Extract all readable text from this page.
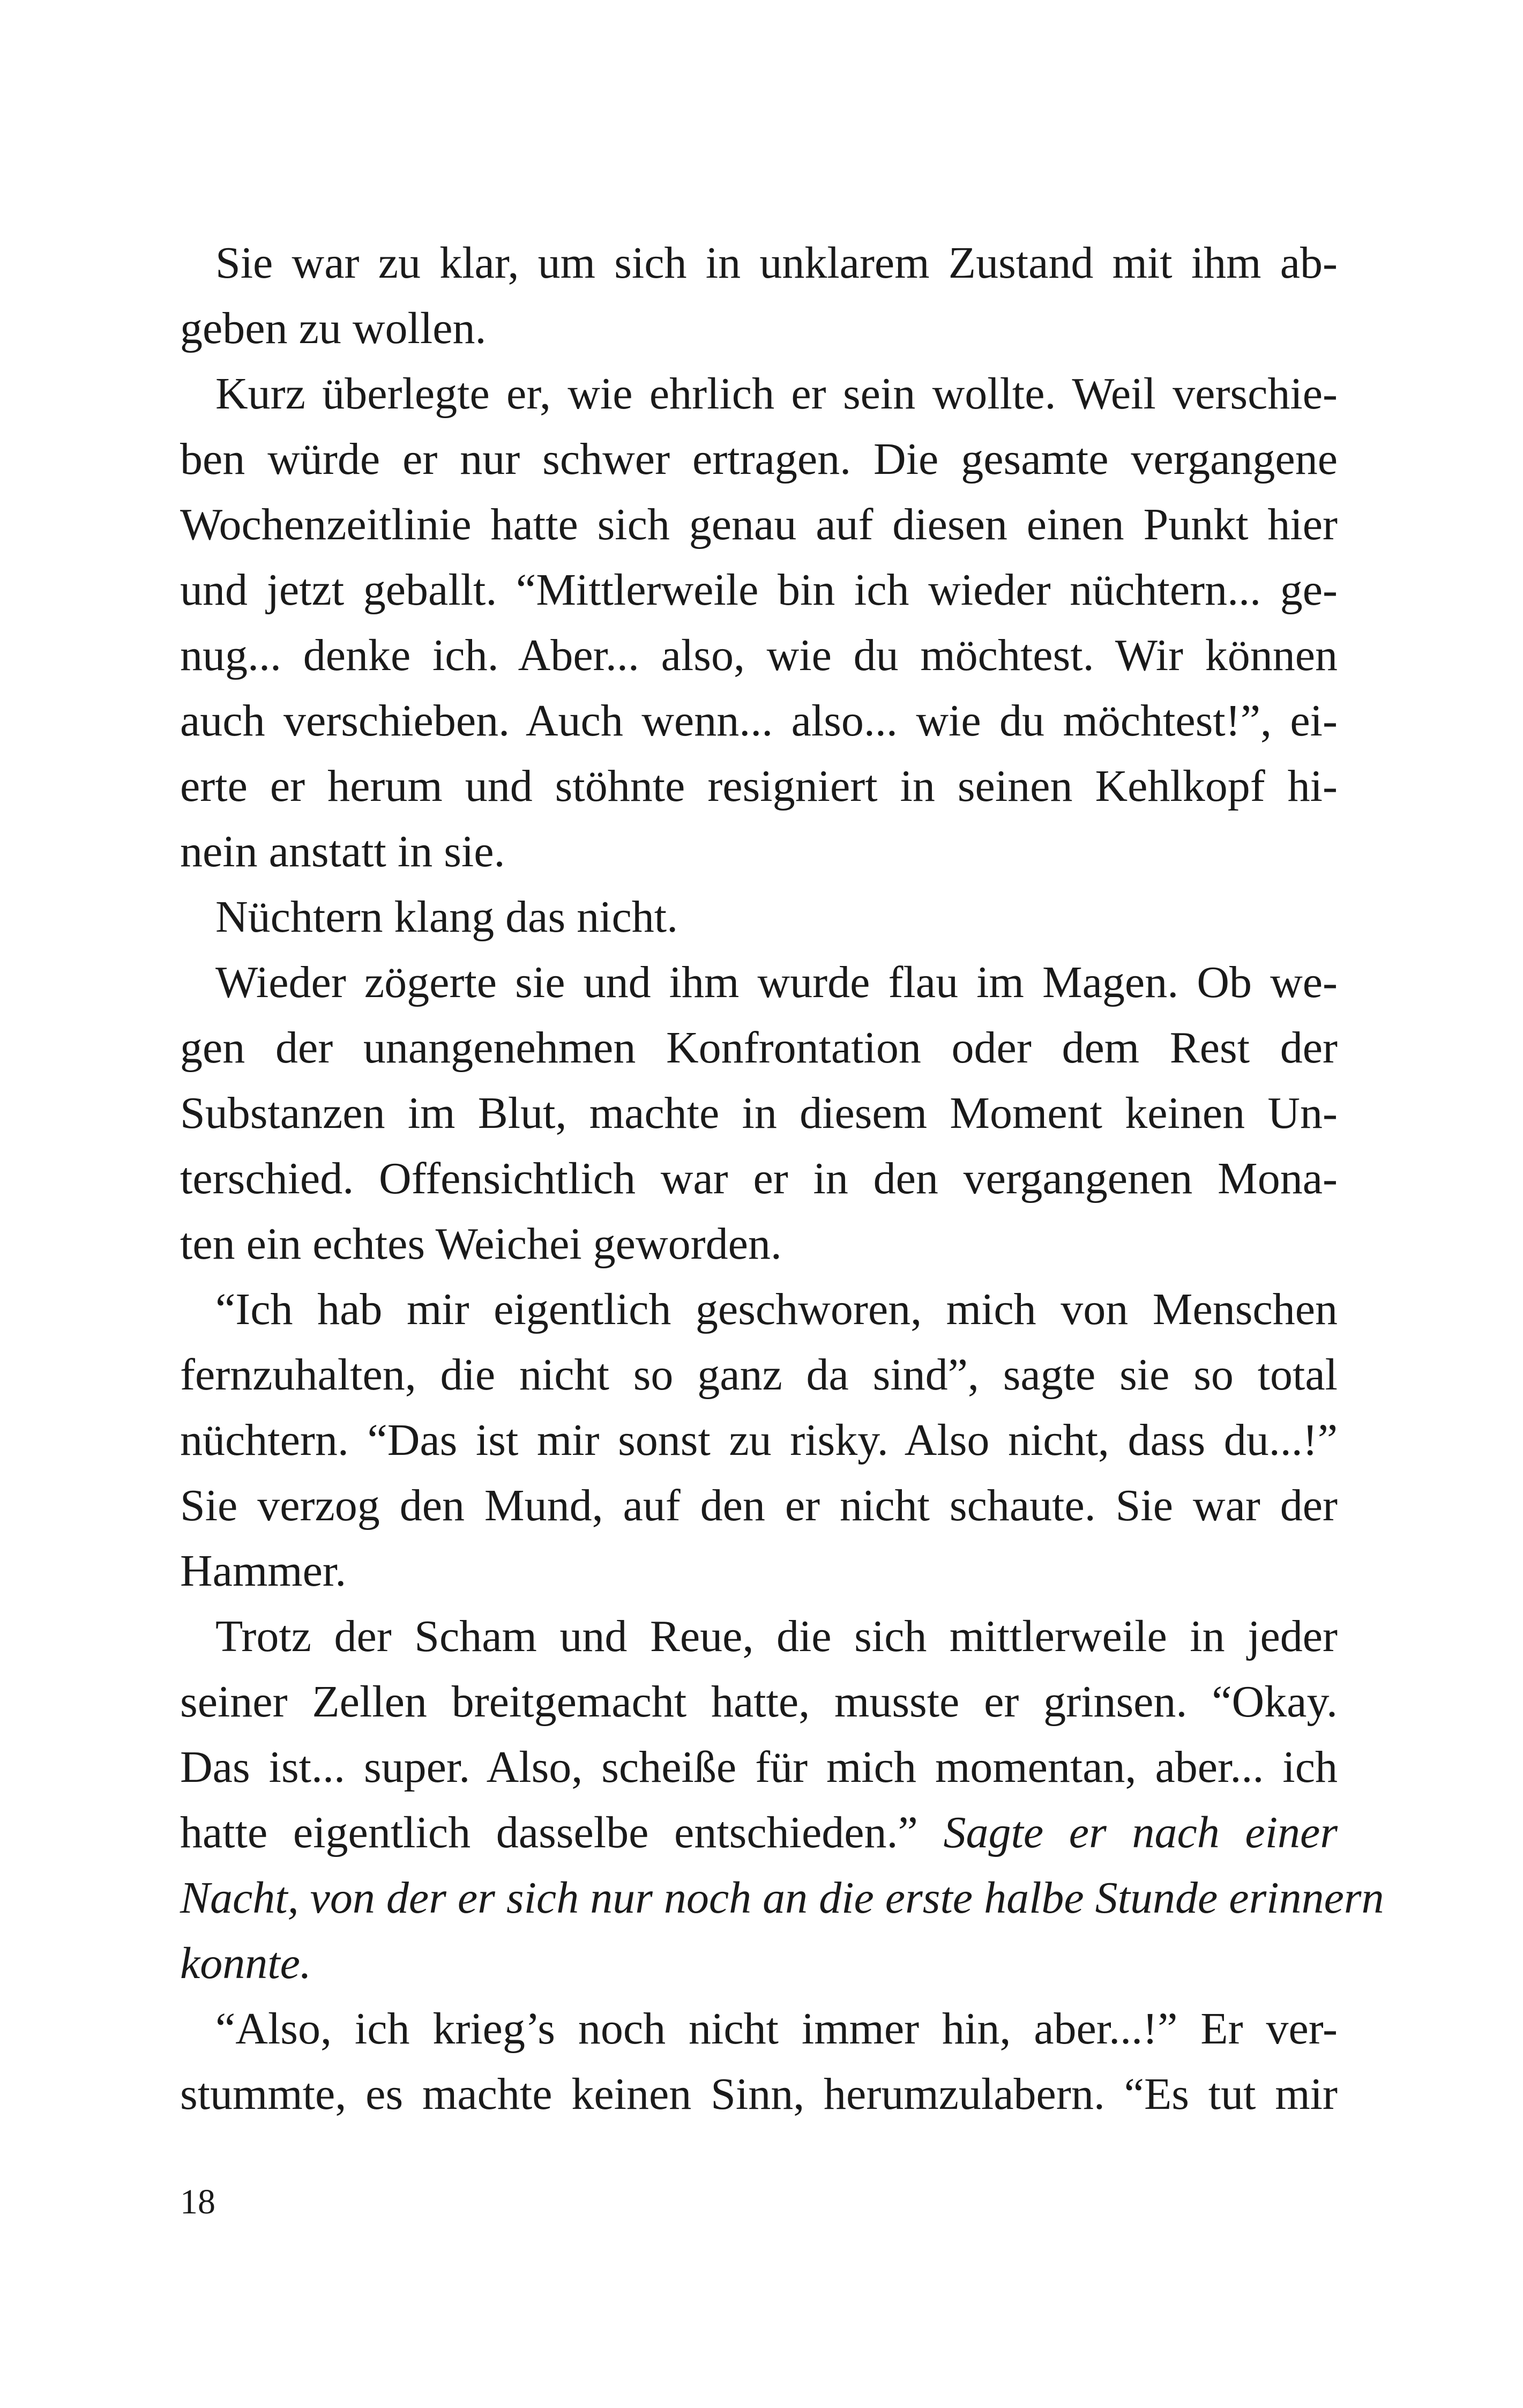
Sie war zu klar, um sich in unklarem Zustand mit ihm ab-
geben zu wollen.
Kurz überlegte er, wie ehrlich er sein wollte. Weil verschie-
ben würde er nur schwer ertragen. Die gesamte vergangene
Wochenzeitlinie hatte sich genau auf diesen einen Punkt hier
und jetzt geballt. “Mittlerweile bin ich wieder nüchtern... ge-
nug... denke ich. Aber... also, wie du möchtest. Wir können
auch verschieben. Auch wenn... also... wie du möchtest!”, ei-
erte er herum und stöhnte resigniert in seinen Kehlkopf hi-
nein anstatt in sie.
Nüchtern klang das nicht.
Wieder zögerte sie und ihm wurde flau im Magen. Ob we-
gen der unangenehmen Konfrontation oder dem Rest der
Substanzen im Blut, machte in diesem Moment keinen Un-
terschied. Offensichtlich war er in den vergangenen Mona-
ten ein echtes Weichei geworden.
“Ich hab mir eigentlich geschworen, mich von Menschen
fernzuhalten, die nicht so ganz da sind”, sagte sie so total
nüchtern. “Das ist mir sonst zu risky. Also nicht, dass du...!”
Sie verzog den Mund, auf den er nicht schaute. Sie war der
Hammer.
Trotz der Scham und Reue, die sich mittlerweile in jeder
seiner Zellen breitgemacht hatte, musste er grinsen. “Okay.
Das ist... super. Also, scheiße für mich momentan, aber... ich
hatte eigentlich dasselbe entschieden.” Sagte er nach einer
Nacht, von der er sich nur noch an die erste halbe Stunde erinnern
konnte.
“Also, ich krieg’s noch nicht immer hin, aber...!” Er ver-
stummte, es machte keinen Sinn, herumzulabern. “Es tut mir
18
